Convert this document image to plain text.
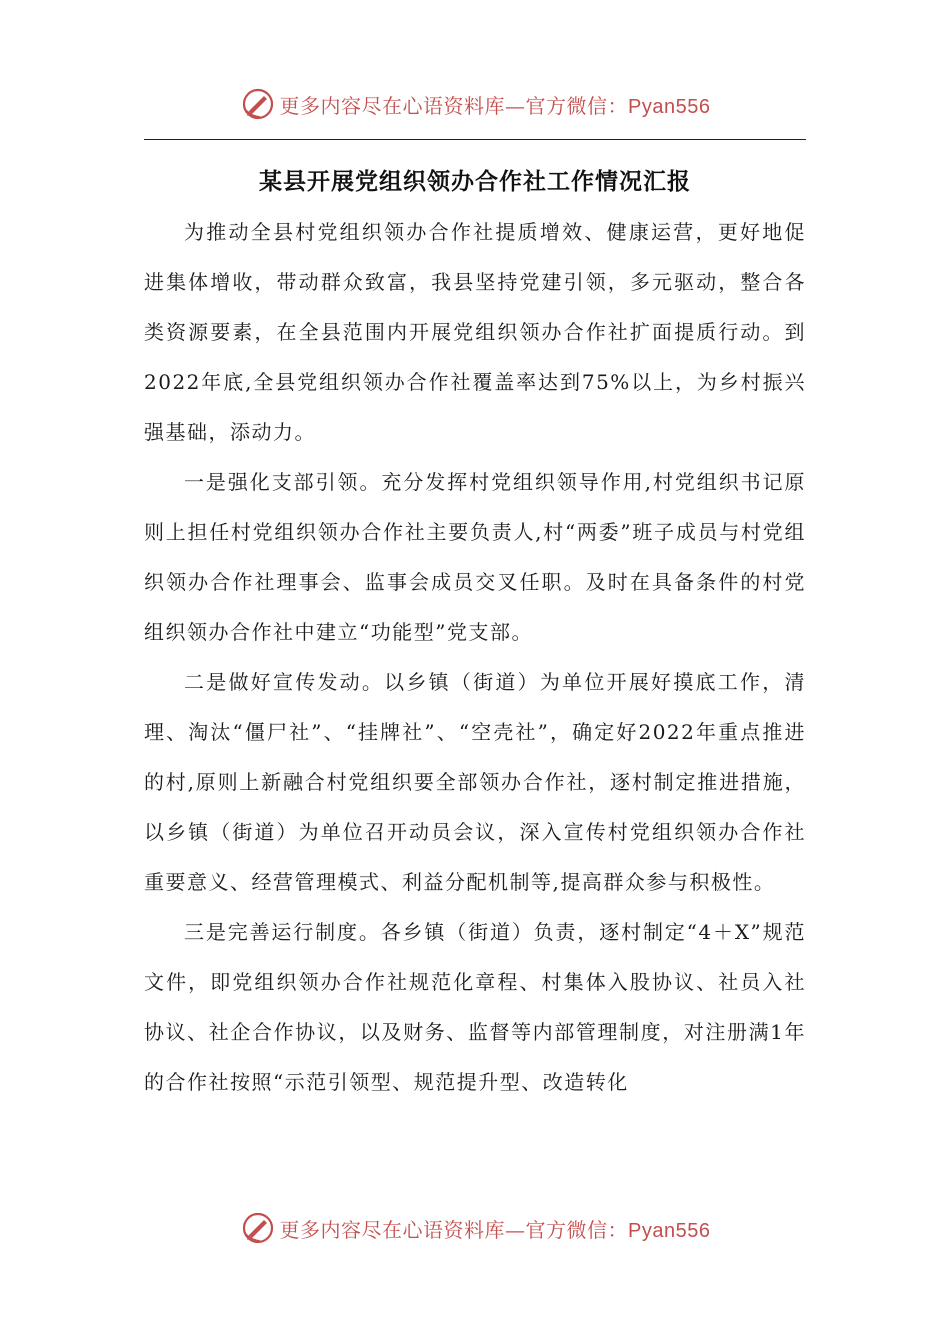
更多内容尽在心语资料库—官方微信：Pyan556
某县开展党组织领办合作社工作情况汇报

为推动全县村党组织领办合作社提质增效、健康运营，更好地促进集体增收，带动群众致富，我县坚持党建引领，多元驱动，整合各类资源要素，在全县范围内开展党组织领办合作社扩面提质行动。到2022年底,全县党组织领办合作社覆盖率达到75%以上，为乡村振兴强基础，添动力。

一是强化支部引领。充分发挥村党组织领导作用,村党组织书记原则上担任村党组织领办合作社主要负责人,村“两委”班子成员与村党组织领办合作社理事会、监事会成员交叉任职。及时在具备条件的村党组织领办合作社中建立“功能型”党支部。

二是做好宣传发动。以乡镇（街道）为单位开展好摸底工作，清理、淘汰“僵尸社”、“挂牌社”、“空壳社”，确定好2022年重点推进的村,原则上新融合村党组织要全部领办合作社，逐村制定推进措施，以乡镇（街道）为单位召开动员会议，深入宣传村党组织领办合作社重要意义、经营管理模式、利益分配机制等,提高群众参与积极性。

三是完善运行制度。各乡镇（街道）负责，逐村制定“4＋X”规范文件，即党组织领办合作社规范化章程、村集体入股协议、社员入社协议、社企合作协议，以及财务、监督等内部管理制度，对注册满1年的合作社按照“示范引领型、规范提升型、改造转化

更多内容尽在心语资料库—官方微信：Pyan556
